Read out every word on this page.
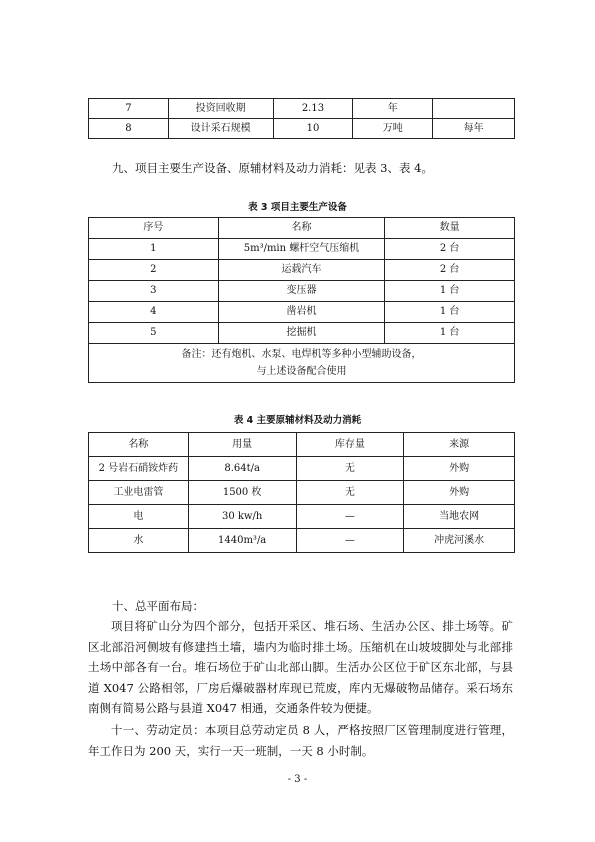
7	投资回收期	2.13	年	
8	设计采石规模	10	万吨	每年
九、项目主要生产设备、原辅材料及动力消耗：见表 3、表 4。
表 3 项目主要生产设备
序号	名称	数量
1	5m³/min 螺杆空气压缩机	2 台
2	运载汽车	2 台
3	变压器	1 台
4	凿岩机	1 台
5	挖掘机	1 台

备注：还有炮机、水泵、电焊机等多种小型辅助设备，
与上述设备配合使用		
表 4 主要原辅材料及动力消耗
名称	用量	库存量	来源
2 号岩石硝铵炸药	8.64t/a	无	外购
工业电雷管	1500 枚	无	外购
电	30 kw/h	—	当地农网
水	1440m³/a	—	冲虎河溪水
十、总平面布局：
项目将矿山分为四个部分，包括开采区、堆石场、生活办公区、排土场等。矿区北部沿河侧坡有修建挡土墙，墙内为临时排土场。压缩机在山坡坡脚处与北部排土场中部各有一台。堆石场位于矿山北部山脚。生活办公区位于矿区东北部，与县道 X047 公路相邻，厂房后爆破器材库现已荒废，库内无爆破物品储存。采石场东南侧有简易公路与县道 X047 相通，交通条件较为便捷。
十一、劳动定员：本项目总劳动定员 8 人，严格按照厂区管理制度进行管理，年工作日为 200 天，实行一天一班制，一天 8 小时制。
- 3 -
